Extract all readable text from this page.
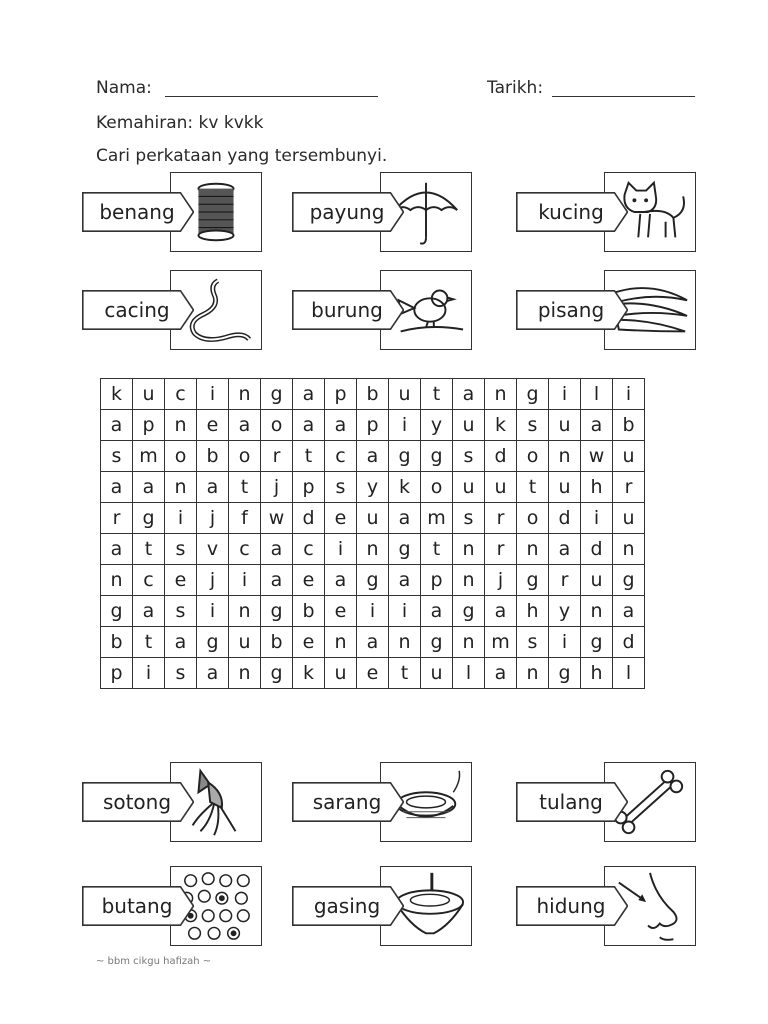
Nama:	Tarikh:
Kemahiran: kv kvkk
Cari perkataan yang tersembunyi.
benang	payung	kucing
cacing	burung	pisang
k	u	c	i	n	g	a	p	b	u	t	a	n	g	i	l	i
a	p	n	e	a	o	a	a	p	i	y	u	k	s	u	a	b
s	m	o	b	o	r	t	c	a	g	g	s	d	o	n	w	u
a	a	n	a	t	j	p	s	y	k	o	u	u	t	u	h	r
r	g	i	j	f	w	d	e	u	a	m	s	r	o	d	i	u
a	t	s	v	c	a	c	i	n	g	t	n	r	n	a	d	n
n	c	e	j	i	a	e	a	g	a	p	n	j	g	r	u	g
g	a	s	i	n	g	b	e	i	i	a	g	a	h	y	n	a
b	t	a	g	u	b	e	n	a	n	g	n	m	s	i	g	d
p	i	s	a	n	g	k	u	e	t	u	l	a	n	g	h	l
sotong	sarang	tulang
butang	gasing	hidung
~ bbm cikgu hafizah ~
